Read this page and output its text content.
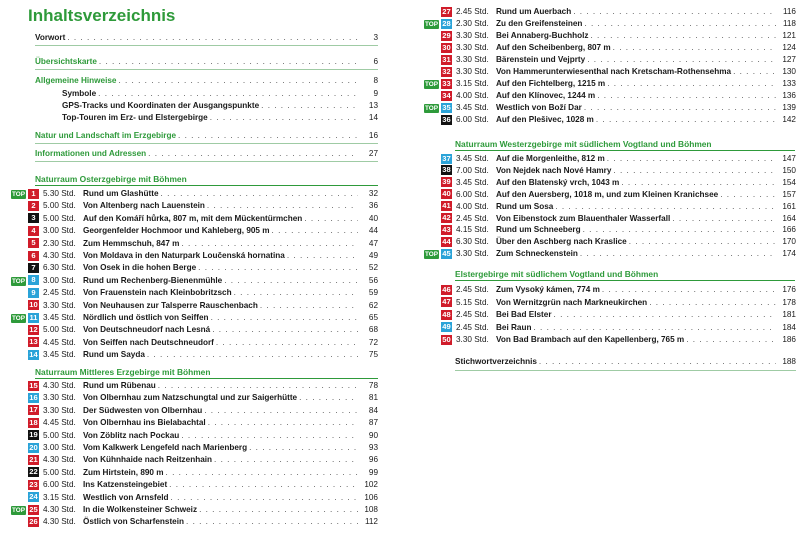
Inhaltsverzeichnis
Vorwort . . .	3
Übersichtskarte . . .	6
Allgemeine Hinweise . . .	8
Symbole . . .	9
GPS-Tracks und Koordinaten der Ausgangspunkte . . .	13
Top-Touren im Erz- und Elstergebirge . . .	14
Natur und Landschaft im Erzgebirge . . .	16
Informationen und Adressen . . .	27
Naturraum Osterzgebirge mit Böhmen
TOP 1 5.30 Std. Rund um Glashütte . . .	32
2 5.00 Std. Von Altenberg nach Lauenstein . . .	36
3 5.00 Std. Auf den Komáří hůrka, 807 m, mit dem Mückentürmchen . . .	40
4 3.00 Std. Georgenfelder Hochmoor und Kahleberg, 905 m . . .	44
5 2.30 Std. Zum Hemmschuh, 847 m . . .	47
6 4.30 Std. Von Moldava in den Naturpark Loučenská hornatina . . .	49
7 6.30 Std. Von Osek in die hohen Berge . . .	52
TOP 8 3.00 Std. Rund um Rechenberg-Bienenmühle . . .	56
9 2.45 Std. Von Frauenstein nach Kleinbobritzsch . . .	59
10 3.30 Std. Von Neuhausen zur Talsperre Rauschenbach . . .	62
TOP 11 3.45 Std. Nördlich und östlich von Seiffen . . .	65
12 5.00 Std. Von Deutschneudorf nach Lesná . . .	68
13 4.45 Std. Von Seiffen nach Deutschneudorf . . .	72
14 3.45 Std. Rund um Sayda . . .	75
Naturraum Mittleres Erzgebirge mit Böhmen
15 4.30 Std. Rund um Rübenau . . .	78
16 3.30 Std. Von Olbernhau zum Natzschungtal und zur Saigerhütte . . .	81
17 3.30 Std. Der Südwesten von Olbernhau . . .	84
18 4.45 Std. Von Olbernhau ins Bielabachtal . . .	87
19 5.00 Std. Von Zöblitz nach Pockau . . .	90
20 3.00 Std. Vom Kalkwerk Lengefeld nach Marienberg . . .	93
21 4.30 Std. Von Kühnhaide nach Reitzenhain . . .	96
22 5.00 Std. Zum Hirtstein, 890 m . . .	99
23 6.00 Std. Ins Katzensteingebiet . . .	102
24 3.15 Std. Westlich von Arnsfeld . . .	106
TOP 25 4.30 Std. In die Wolkensteiner Schweiz . . .	108
26 4.30 Std. Östlich von Scharfenstein . . .	112
27 2.45 Std. Rund um Auerbach . . .	116
TOP 28 2.30 Std. Zu den Greifensteinen . . .	118
29 3.30 Std. Bei Annaberg-Buchholz . . .	121
30 3.30 Std. Auf den Scheibenberg, 807 m . . .	124
31 3.30 Std. Bärenstein und Vejprty . . .	127
32 3.30 Std. Von Hammerunterwiesenthal nach Kretscham-Rothensehma . . .	130
TOP 33 3.15 Std. Auf den Fichtelberg, 1215 m . . .	133
34 4.00 Std. Auf den Klínovec, 1244 m . . .	136
TOP 35 3.45 Std. Westlich von Boží Dar . . .	139
36 6.00 Std. Auf den Plešivec, 1028 m . . .	142
Naturraum Westerzgebirge mit südlichem Vogtland und Böhmen
37 3.45 Std. Auf die Morgenleithe, 812 m . . .	147
38 7.00 Std. Von Nejdek nach Nové Hamry . . .	150
39 3.45 Std. Auf den Blatenský vrch, 1043 m . . .	154
40 6.00 Std. Auf den Auersberg, 1018 m, und zum Kleinen Kranichsee . . .	157
41 4.00 Std. Rund um Sosa . . .	161
42 2.45 Std. Von Eibenstock zum Blauenthaler Wasserfall . . .	164
43 4.15 Std. Rund um Schneeberg . . .	166
44 6.30 Std. Über den Aschberg nach Kraslice . . .	170
TOP 45 3.30 Std. Zum Schneckenstein . . .	174
Elstergebirge mit südlichem Vogtland und Böhmen
46 2.45 Std. Zum Vysoký kámen, 774 m . . .	176
47 5.15 Std. Von Wernitzgrün nach Markneukirchen . . .	178
48 2.45 Std. Bei Bad Elster . . .	181
49 2.45 Std. Bei Raun . . .	184
50 3.30 Std. Von Bad Brambach auf den Kapellenberg, 765 m . . .	186
Stichwortverzeichnis . . .	188
